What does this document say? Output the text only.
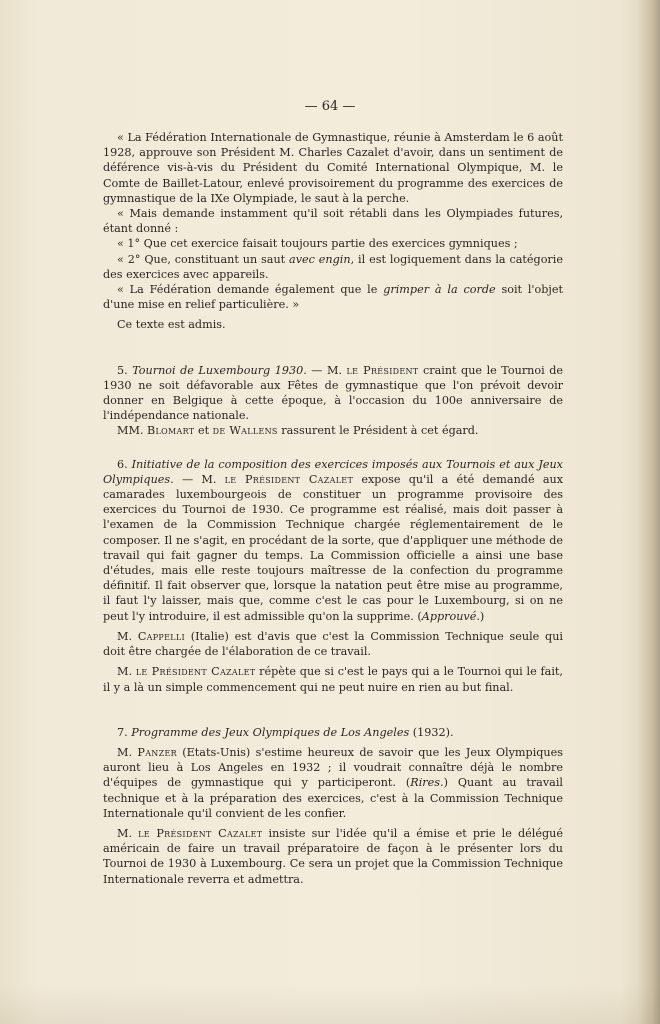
— 64 —

« La Fédération Internationale de Gymnastique, réunie à Amsterdam le 6 août 1928, approuve son Président M. Charles Cazalet d'avoir, dans un sentiment de déférence vis-à-vis du Président du Comité International Olympique, M. le Comte de Baillet-Latour, enlevé provisoirement du programme des exercices de gymnastique de la IXe Olympiade, le saut à la perche.

« Mais demande instamment qu'il soit rétabli dans les Olympiades futures, étant donné :

« 1° Que cet exercice faisait toujours partie des exercices gymniques ;

« 2° Que, constituant un saut avec engin, il est logiquement dans la catégorie des exercices avec appareils.

« La Fédération demande également que le grimper à la corde soit l'objet d'une mise en relief particulière. »

Ce texte est admis.

5. Tournoi de Luxembourg 1930. — M. le Président craint que le Tournoi de 1930 ne soit défavorable aux Fêtes de gymnastique que l'on prévoit devoir donner en Belgique à cette époque, à l'occasion du 100e anniversaire de l'indépendance nationale.

MM. Blomart et de Wallens rassurent le Président à cet égard.

6. Initiative de la composition des exercices imposés aux Tournois et aux Jeux Olympiques. — M. le Président Cazalet expose qu'il a été demandé aux camarades luxembourgeois de constituer un programme provisoire des exercices du Tournoi de 1930. Ce programme est réalisé, mais doit passer à l'examen de la Commission Technique chargée réglementairement de le composer. Il ne s'agit, en procédant de la sorte, que d'appliquer une méthode de travail qui fait gagner du temps. La Commission officielle a ainsi une base d'études, mais elle reste toujours maîtresse de la confection du programme définitif. Il fait observer que, lorsque la natation peut être mise au programme, il faut l'y laisser, mais que, comme c'est le cas pour le Luxembourg, si on ne peut l'y introduire, il est admissible qu'on la supprime. (Approuvé.)

M. Cappelli (Italie) est d'avis que c'est la Commission Technique seule qui doit être chargée de l'élaboration de ce travail.

M. le Président Cazalet répète que si c'est le pays qui a le Tournoi qui le fait, il y a là un simple commencement qui ne peut nuire en rien au but final.

7. Programme des Jeux Olympiques de Los Angeles (1932).

M. Panzer (Etats-Unis) s'estime heureux de savoir que les Jeux Olympiques auront lieu à Los Angeles en 1932 ; il voudrait connaître déjà le nombre d'équipes de gymnastique qui y participeront. (Rires.) Quant au travail technique et à la préparation des exercices, c'est à la Commission Technique Internationale qu'il convient de les confier.

M. le Président Cazalet insiste sur l'idée qu'il a émise et prie le délégué américain de faire un travail préparatoire de façon à le présenter lors du Tournoi de 1930 à Luxembourg. Ce sera un projet que la Commission Technique Internationale reverra et admettra.
